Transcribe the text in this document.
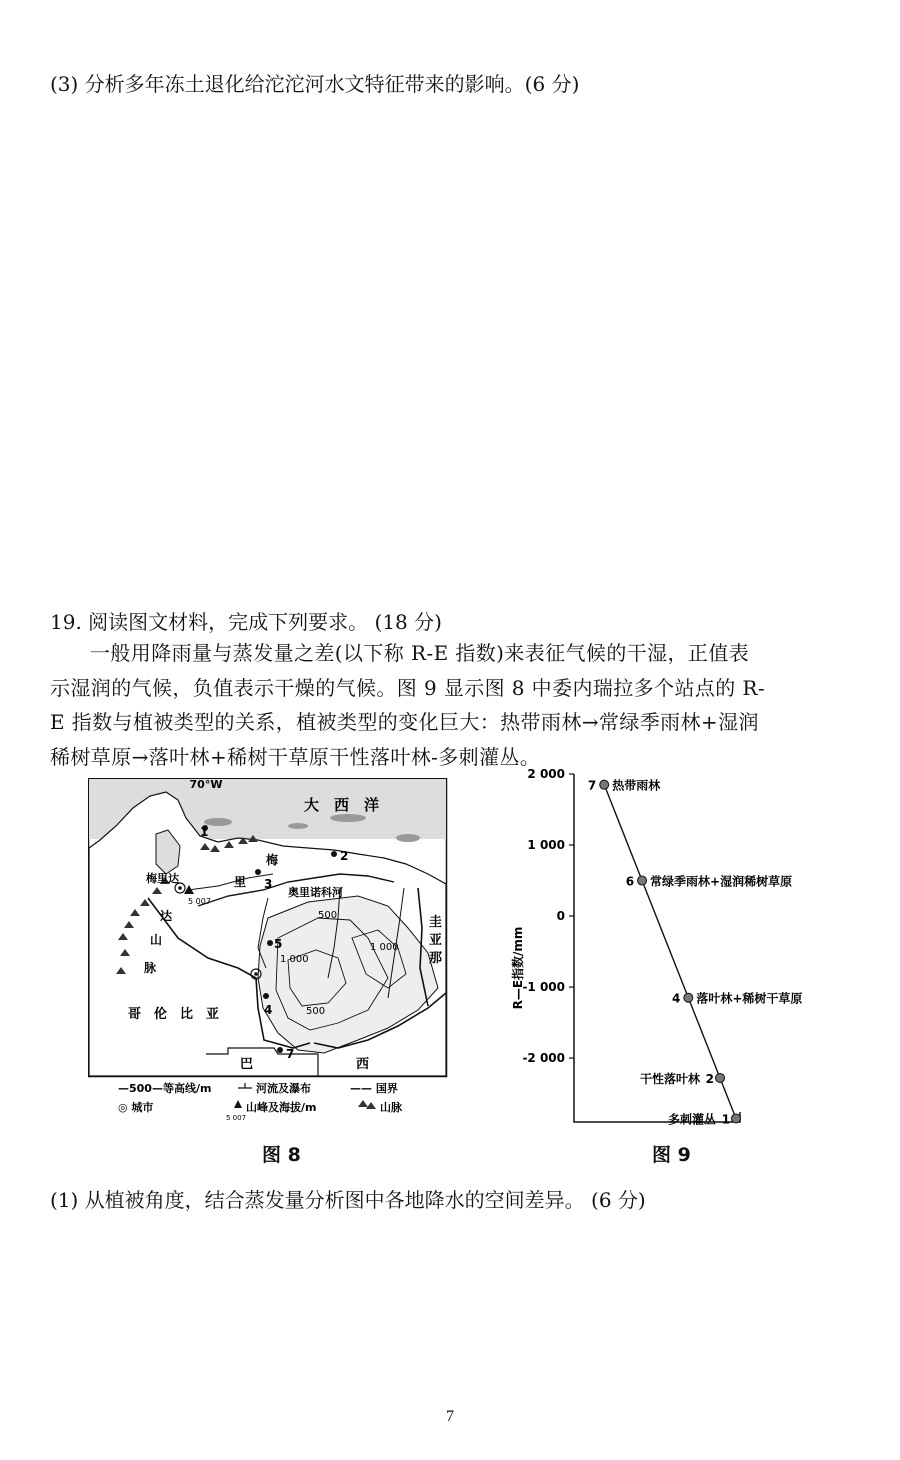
(3) 分析多年冻土退化给沱沱河水文特征带来的影响。(6 分)
19. 阅读图文材料，完成下列要求。 (18 分)
一般用降雨量与蒸发量之差(以下称 R-E 指数)来表征气候的干湿，正值表
示湿润的气候，负值表示干燥的气候。图 9 显示图 8 中委内瑞拉多个站点的 R-
E 指数与植被类型的关系，植被类型的变化巨大：热带雨林→常绿季雨林+湿润
稀树草原→落叶林+稀树干草原干性落叶林-多刺灌丛。
70°W
大　西　洋
奥里诺科河
梅里达
5 007
梅
里
达
山
脉
哥　伦　比　亚
巴	西
圭
亚
那
500
1 000
1 000
500
1
2
3
4
5
7
—500—等高线/m	河流及瀑布	—— 国界
◎ 城市
5 007
山峰及海拔/m	山脉
图 8
2 000
1 000
0
-1 000
-2 000
R—E指数/mm
7 热带雨林
6 常绿季雨林+湿润稀树草原
4 落叶林+稀树干草原
2
干性落叶林
1
多刺灌丛
图 9
(1) 从植被角度，结合蒸发量分析图中各地降水的空间差异。 (6 分)
7
